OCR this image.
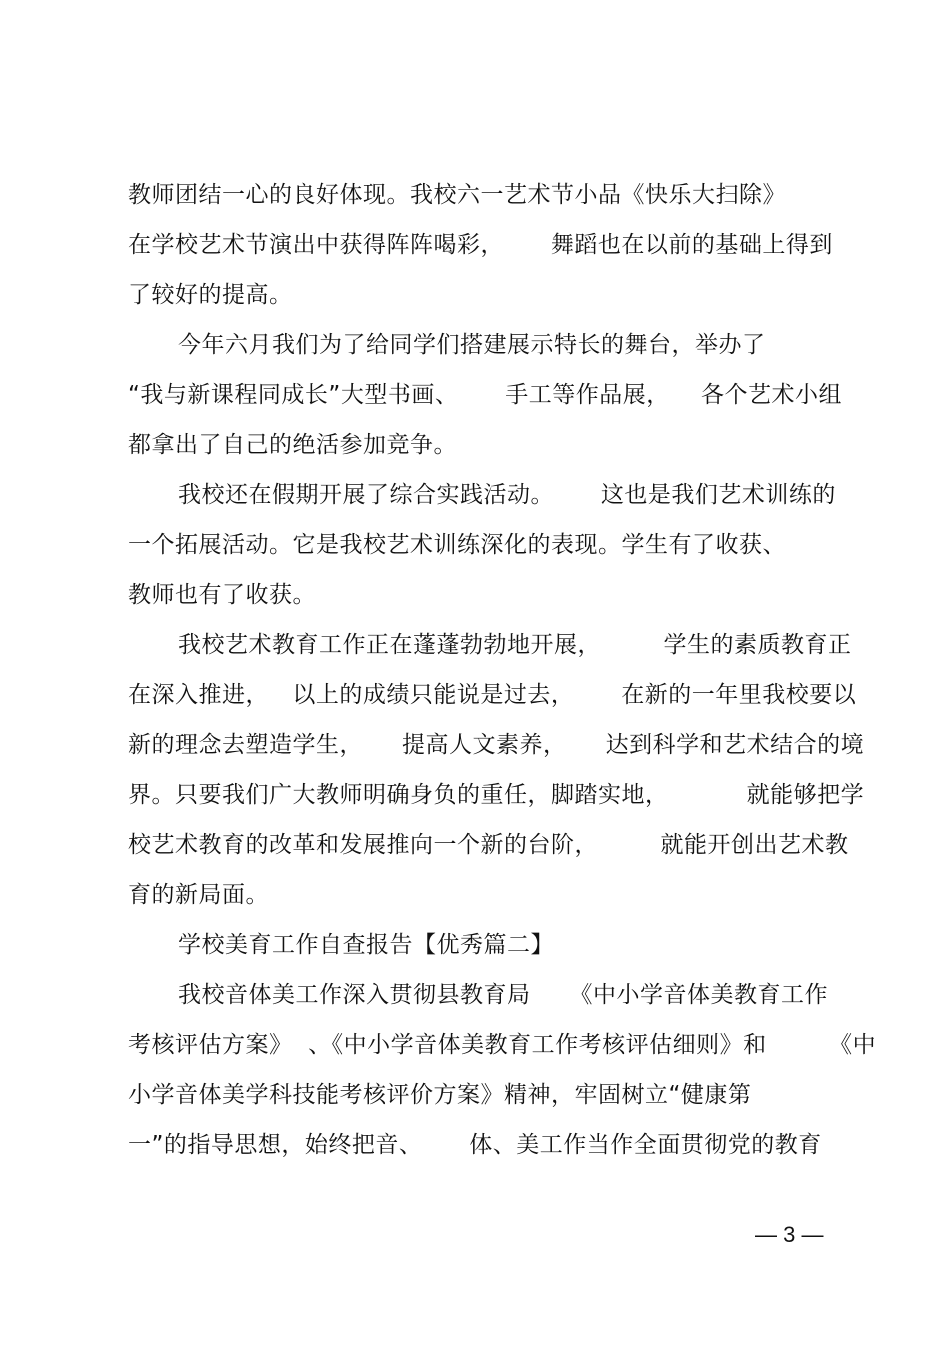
教师团结一心的良好体现。我校六一艺术节小品《快乐大扫除》
在学校艺术节演出中获得阵阵喝彩，      舞蹈也在以前的基础上得到
了较好的提高。
今年六月我们为了给同学们搭建展示特长的舞台，举办了
“我与新课程同成长”大型书画、      手工等作品展，    各个艺术小组
都拿出了自己的绝活参加竞争。
我校还在假期开展了综合实践活动。      这也是我们艺术训练的
一个拓展活动。它是我校艺术训练深化的表现。学生有了收获、
教师也有了收获。
我校艺术教育工作正在蓬蓬勃勃地开展，        学生的素质教育正
在深入推进，   以上的成绩只能说是过去，      在新的一年里我校要以
新的理念去塑造学生，     提高人文素养，     达到科学和艺术结合的境
界。只要我们广大教师明确身负的重任，脚踏实地，          就能够把学
校艺术教育的改革和发展推向一个新的台阶，        就能开创出艺术教
育的新局面。
学校美育工作自查报告【优秀篇二】
我校音体美工作深入贯彻县教育局     《中小学音体美教育工作
考核评估方案》  、《中小学音体美教育工作考核评估细则》和        《中
小学音体美学科技能考核评价方案》精神，牢固树立“健康第
一”的指导思想，始终把音、      体、美工作当作全面贯彻党的教育
— 3 —
